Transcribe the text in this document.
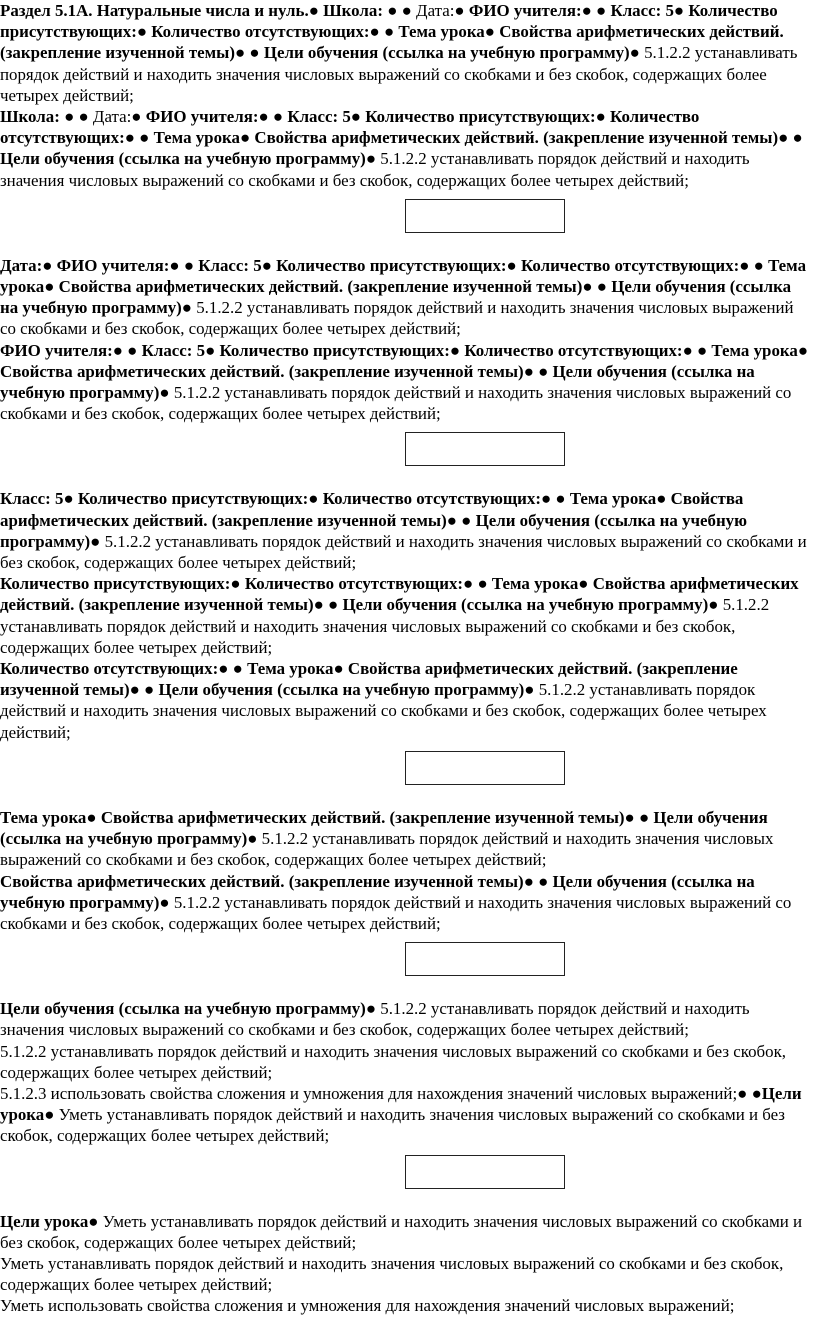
Раздел 5.1А. Натуральные числа и нуль.● Школа: ● ● Дата:● ФИО учителя:● ● Класс: 5● Количество присутствующих:● Количество отсутствующих:● ● Тема урока● Свойства арифметических действий. (закрепление изученной темы)● ● Цели обучения (ссылка на учебную программу)● 5.1.2.2 устанавливать порядок действий и находить значения числовых выражений со скобками и без скобок, содержащих более четырех действий;

Школа: ● ● Дата:● ФИО учителя:● ● Класс: 5● Количество присутствующих:● Количество отсутствующих:● ● Тема урока● Свойства арифметических действий. (закрепление изученной темы)● ● Цели обучения (ссылка на учебную программу)● 5.1.2.2 устанавливать порядок действий и находить значения числовых выражений со скобками и без скобок, содержащих более четырех действий;

Дата:● ФИО учителя:● ● Класс: 5● Количество присутствующих:● Количество отсутствующих:● ● Тема урока● Свойства арифметических действий. (закрепление изученной темы)● ● Цели обучения (ссылка на учебную программу)● 5.1.2.2 устанавливать порядок действий и находить значения числовых выражений со скобками и без скобок, содержащих более четырех действий;

ФИО учителя:● ● Класс: 5● Количество присутствующих:● Количество отсутствующих:● ● Тема урока● Свойства арифметических действий. (закрепление изученной темы)● ● Цели обучения (ссылка на учебную программу)● 5.1.2.2 устанавливать порядок действий и находить значения числовых выражений со скобками и без скобок, содержащих более четырех действий;

Класс: 5● Количество присутствующих:● Количество отсутствующих:● ● Тема урока● Свойства арифметических действий. (закрепление изученной темы)● ● Цели обучения (ссылка на учебную программу)● 5.1.2.2 устанавливать порядок действий и находить значения числовых выражений со скобками и без скобок, содержащих более четырех действий;

Количество присутствующих:● Количество отсутствующих:● ● Тема урока● Свойства арифметических действий. (закрепление изученной темы)● ● Цели обучения (ссылка на учебную программу)● 5.1.2.2 устанавливать порядок действий и находить значения числовых выражений со скобками и без скобок, содержащих более четырех действий;

Количество отсутствующих:● ● Тема урока● Свойства арифметических действий. (закрепление изученной темы)● ● Цели обучения (ссылка на учебную программу)● 5.1.2.2 устанавливать порядок действий и находить значения числовых выражений со скобками и без скобок, содержащих более четырех действий;

Тема урока● Свойства арифметических действий. (закрепление изученной темы)● ● Цели обучения (ссылка на учебную программу)● 5.1.2.2 устанавливать порядок действий и находить значения числовых выражений со скобками и без скобок, содержащих более четырех действий;

Свойства арифметических действий. (закрепление изученной темы)● ● Цели обучения (ссылка на учебную программу)● 5.1.2.2 устанавливать порядок действий и находить значения числовых выражений со скобками и без скобок, содержащих более четырех действий;

Цели обучения (ссылка на учебную программу)● 5.1.2.2 устанавливать порядок действий и находить значения числовых выражений со скобками и без скобок, содержащих более четырех действий;

5.1.2.2 устанавливать порядок действий и находить значения числовых выражений со скобками и без скобок, содержащих более четырех действий;

5.1.2.3 использовать свойства сложения и умножения для нахождения значений числовых выражений;● ●Цели урока● Уметь устанавливать порядок действий и находить значения числовых выражений со скобками и без скобок, содержащих более четырех действий;

Цели урока● Уметь устанавливать порядок действий и находить значения числовых выражений со скобками и без скобок, содержащих более четырех действий;

Уметь устанавливать порядок действий и находить значения числовых выражений со скобками и без скобок, содержащих более четырех действий;

Уметь использовать свойства сложения и умножения для нахождения значений числовых выражений;
